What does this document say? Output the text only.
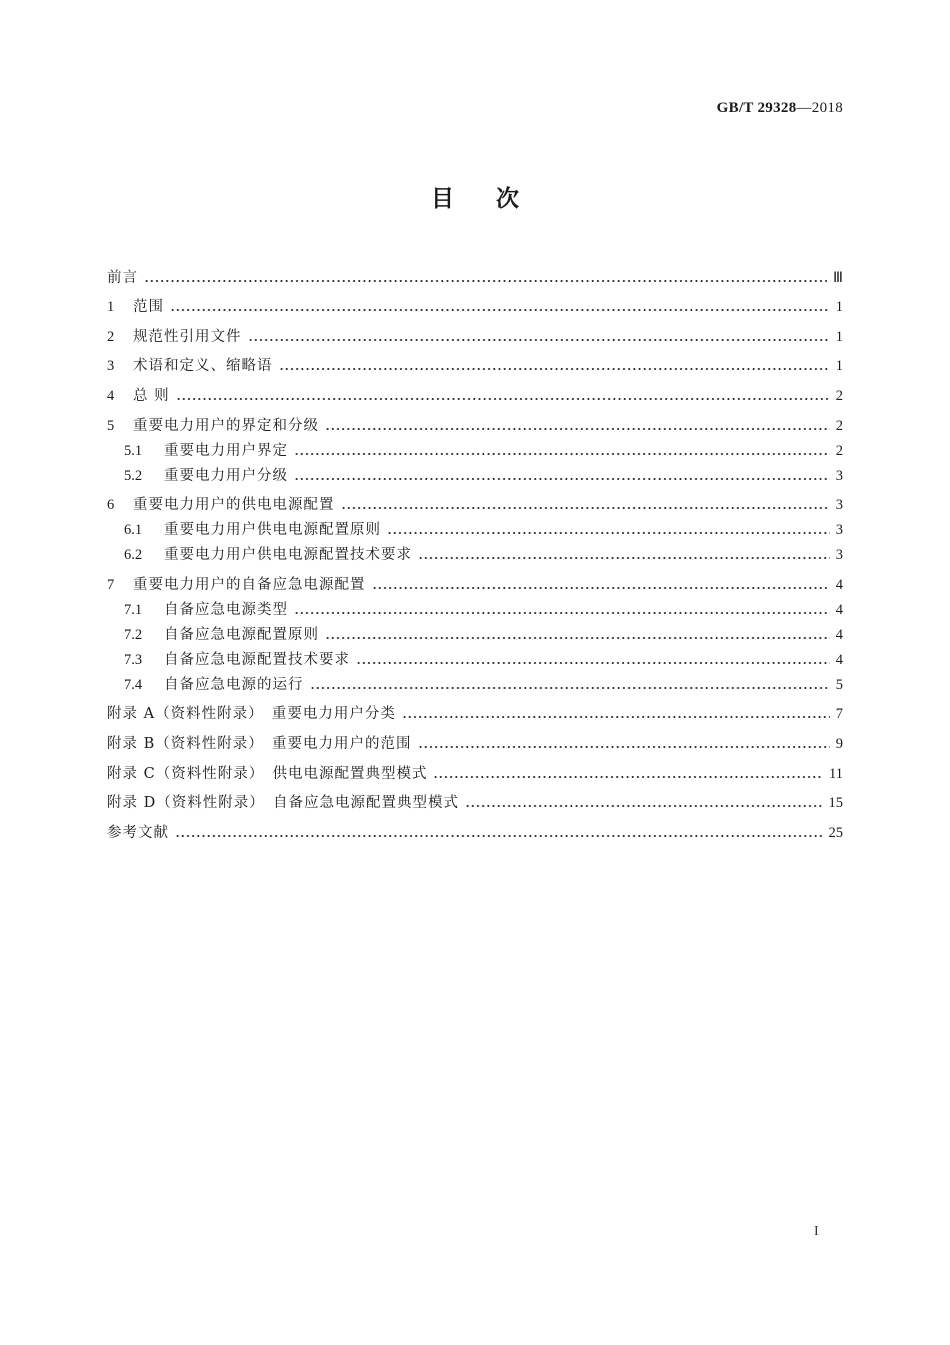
GB/T 29328—2018
目次
前言	Ⅲ
1	范围	1
2	规范性引用文件	1
3	术语和定义、缩略语	1
4	总 则	2
5	重要电力用户的界定和分级	2
5.1	重要电力用户界定	2
5.2	重要电力用户分级	3
6	重要电力用户的供电电源配置	3
6.1	重要电力用户供电电源配置原则	3
6.2	重要电力用户供电电源配置技术要求	3
7	重要电力用户的自备应急电源配置	4
7.1	自备应急电源类型	4
7.2	自备应急电源配置原则	4
7.3	自备应急电源配置技术要求	4
7.4	自备应急电源的运行	5
附录 A（资料性附录）　重要电力用户分类	7
附录 B（资料性附录）　重要电力用户的范围	9
附录 C（资料性附录）　供电电源配置典型模式	11
附录 D（资料性附录）　自备应急电源配置典型模式	15
参考文献	25
I
